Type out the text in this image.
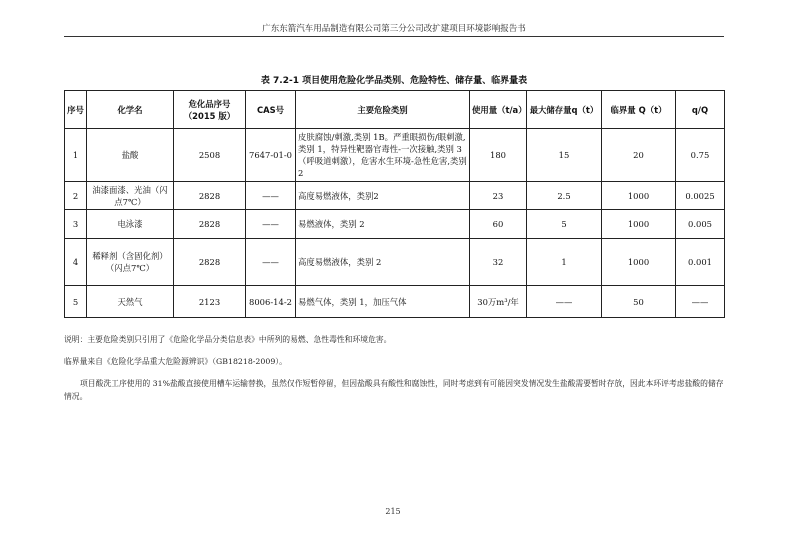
广东东箭汽车用品制造有限公司第三分公司改扩建项目环境影响报告书
表 7.2-1 项目使用危险化学品类别、危险特性、储存量、临界量表
序号	化学名	危化品序号（2015 版）	CAS号	主要危险类别	使用量（t/a）	最大储存量q（t）	临界量 Q（t）	q/Q
1	盐酸	2508	7647-01-0	皮肤腐蚀/刺激,类别 1B。严重眼损伤/眼刺激,类别 1，特异性靶器官毒性-一次接触,类别 3（呼吸道刺激），危害水生环境-急性危害,类别 2	180	15	20	0.75
2	油漆面漆、光油（闪点7℃）	2828	——	高度易燃液体，类别2	23	2.5	1000	0.0025
3	电泳漆	2828	——	易燃液体，类别 2	60	5	1000	0.005
4	稀释剂（含固化剂）（闪点7℃）	2828	——	高度易燃液体，类别 2	32	1	1000	0.001
5	天然气	2123	8006-14-2	易燃气体，类别 1，加压气体	30万m³/年	——	50	——
说明：主要危险类别只引用了《危险化学品分类信息表》中所列的易燃、急性毒性和环境危害。
临界量来自《危险化学品重大危险源辨识》（GB18218-2009）。
项目酸洗工序使用的 31%盐酸直接使用槽车运输替换，虽然仅作短暂停留，但因盐酸具有酸性和腐蚀性，同时考虑到有可能因突发情况发生盐酸需要暂时存放，因此本环评考虑盐酸的储存情况。
215
